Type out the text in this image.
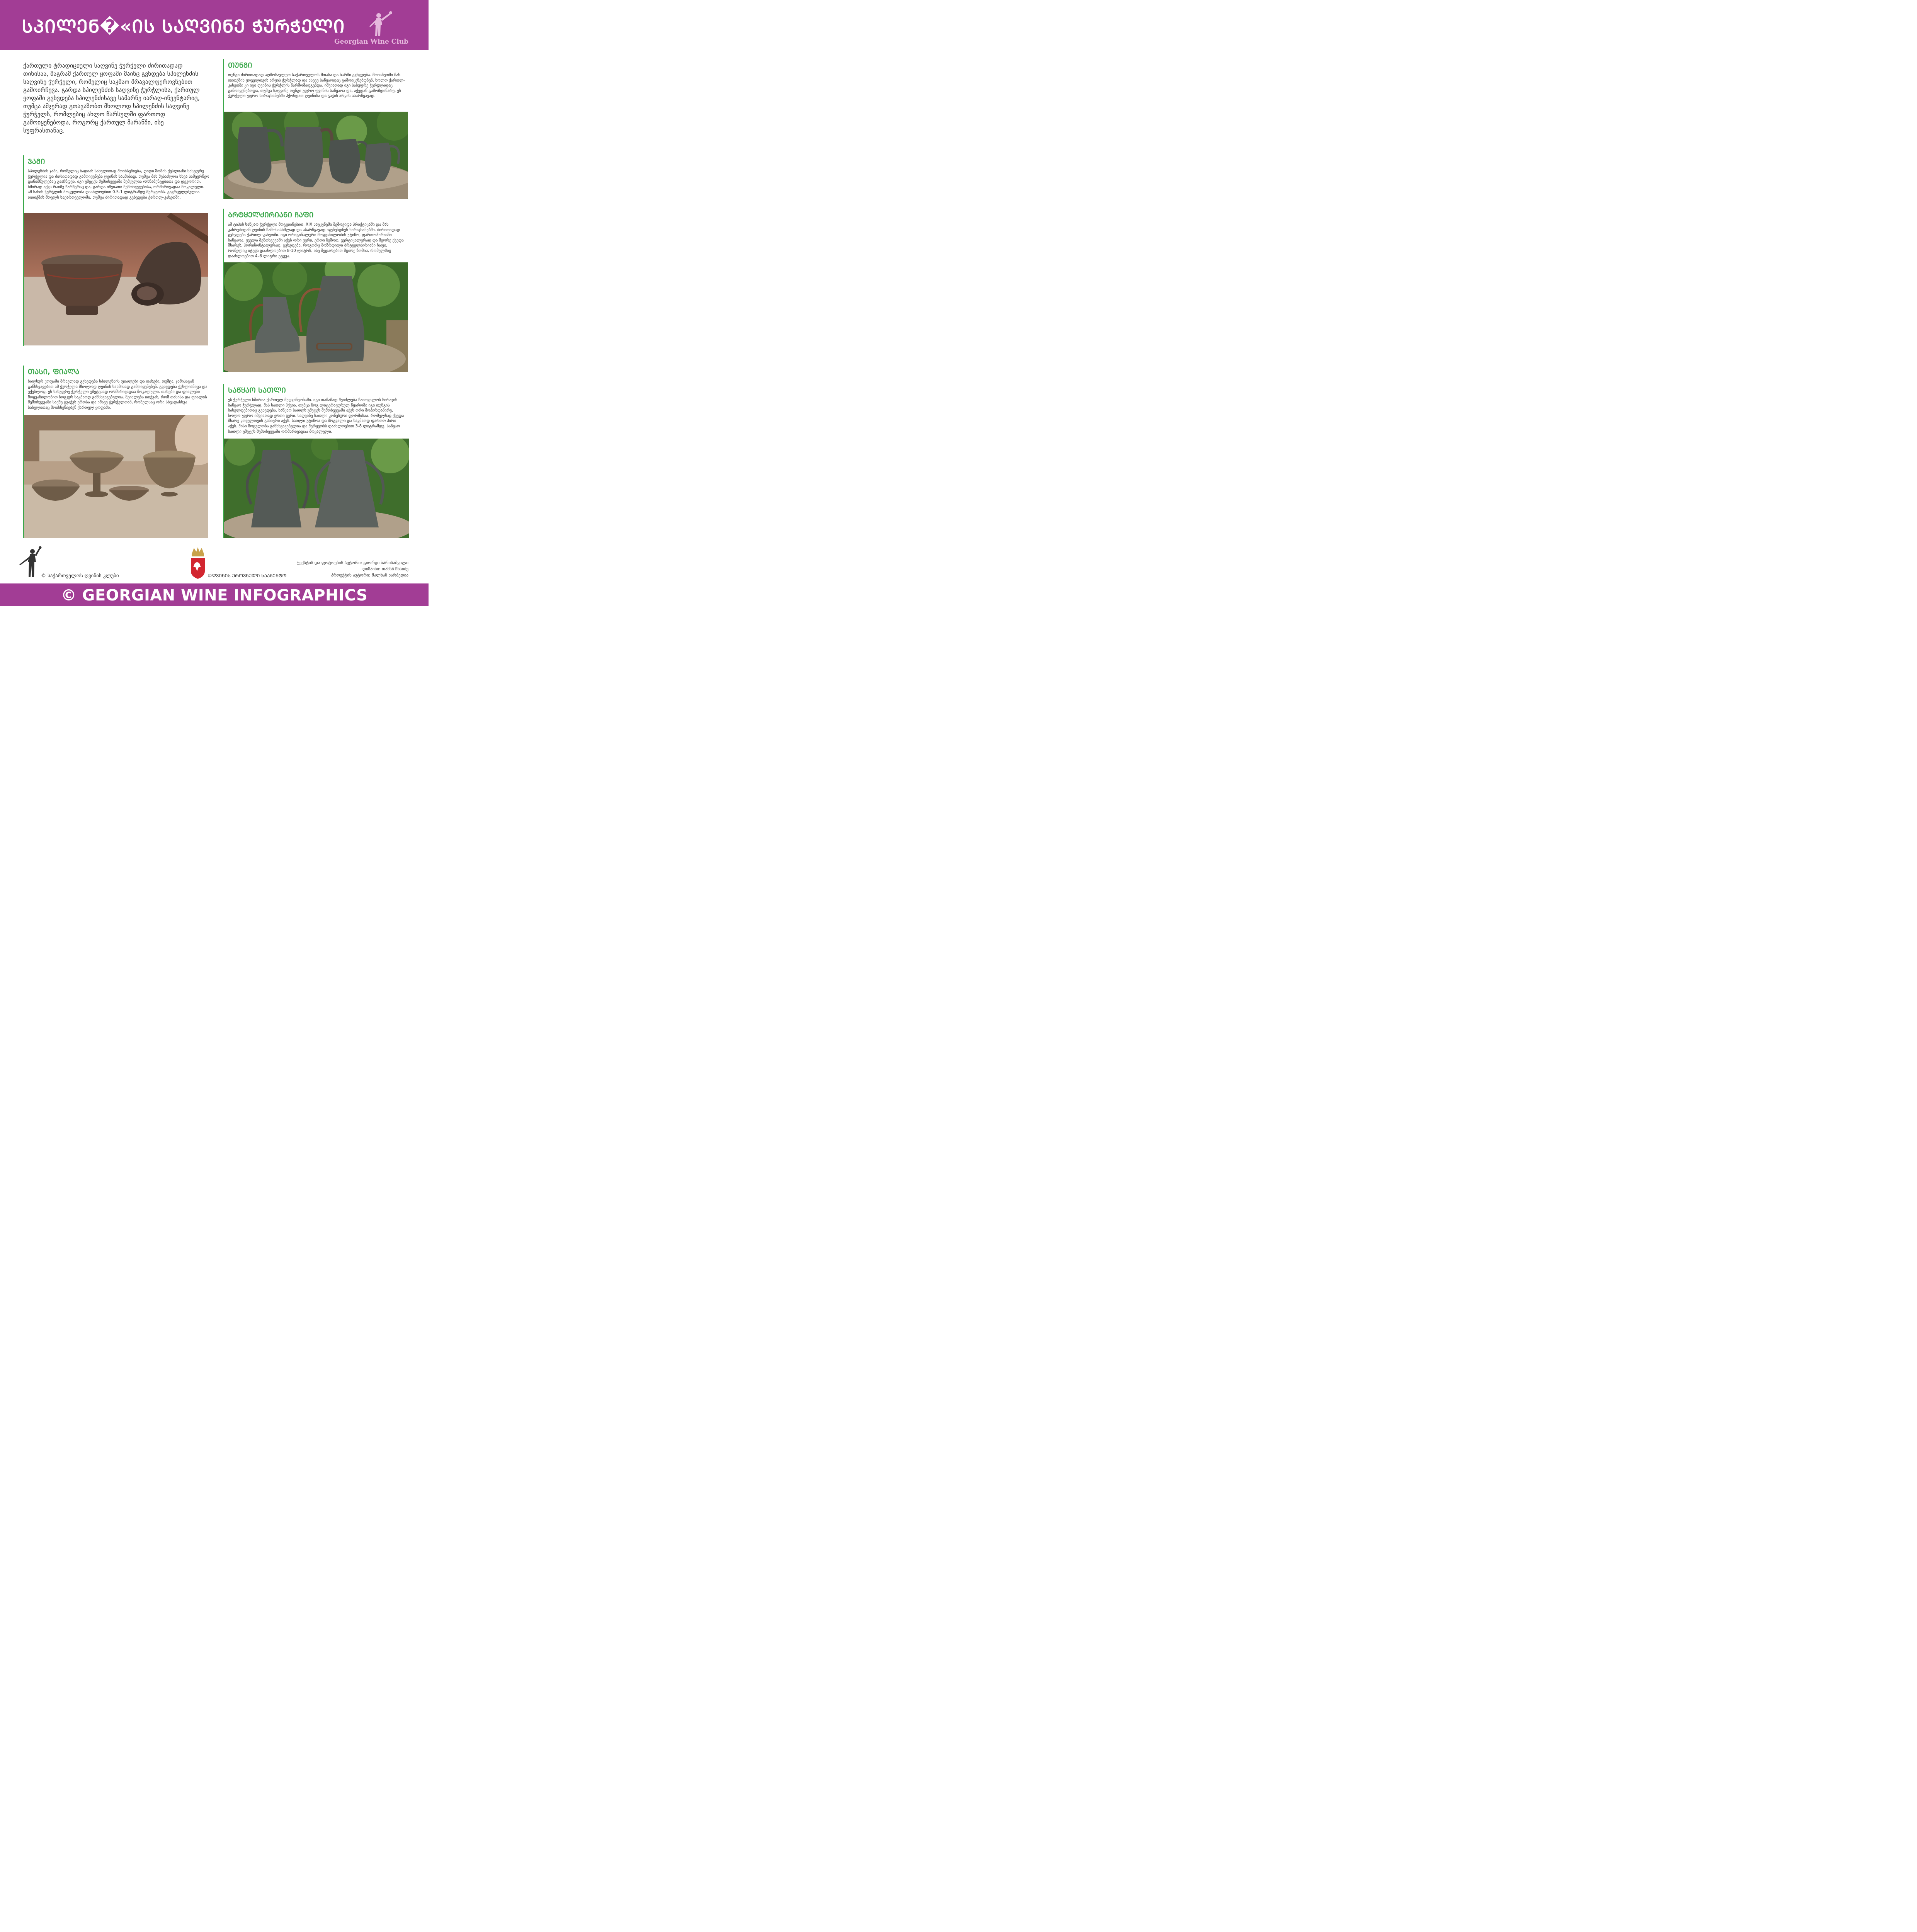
ᲡᲞᲘᲚᲔᲜ�«ᲘᲡ ᲡᲐᲦᲕᲘᲜᲔ ᲭᲣᲠᲭᲔᲚᲘ
Georgian Wine Club
ქართული ტრადიციული საღვინე ჭურჭელი ძირითადად თიხისაა, მაგრამ ქართულ ყოფაში მაინც გვხდება სპილენძის საღვინე ჭურჭელი, რომელიც საკმაო მრავალფეროვნებით გამოირჩევა. გარდა სპილენძის საღვინე ჭურჭლისა, ქართულ ყოფაში გვხვდება სპილენძისავე სამარნე იარაღ-ინვენტარიც, თუმცა ამჯერად გთავაზობთ მხოლოდ სპილენძის საღვინე ჭურჭელს, რომლებიც ახლო წარსულში ფართოდ გამოიყენებოდა, როგორც ქართულ მარანში, ისე სუფრასთანაც.
ᲯᲐᲛᲘ
სპილენძის ჯამი, რომელიც ბადიას სახელითაც მოიხსენიება, დიდი ზომის ქუსლიანი სასუფრე ჭურჭელია და ძირითადად გამოიყენება ღვინის სასმისად, თუმცა მას შესაძლოა სხვა სამეურნეო დანიშნულებაც გააჩნდეს. იგი უმეტეს შემთხვევაში შემკულია ორნამენტებითა და დეკორით. ხშირად აქვს რაიმე წარწერაც და, გარდა იშვიათი შემთხვევებისა, ორმხრივადაა მოკალული. ამ სახის ჭურჭლის მოცულობა დაახლოებით 0.5-1 ლიტრამდე მერყეობს. გავრცელებულია თითქმის მთელს საქართველოში, თუმცა ძირითადად გვხვდება ქართლ-კახეთში.
ᲗᲣᲜᲒᲘ
თუნგი ძირითადად აღმოსავლეთ საქართველოს მთასა და ბარში გვხვდება. მთიანეთში მას თითქმის ყოველთვის არყის ჭურჭლად და ასევე საწყაოდაც გამოიყენებდნენ, ხოლო ქართლ-კახეთში კი იგი ღვინის ჭურჭლის წარმომადგენდა. იშვიათად იგი სასუფრე ჭურჭლადაც გამოიყენებოდა, თუმცა საღვინე თუნგი უფრო ღვინის საწყაოა და, აქედან გამომდინარე, ეს ჭურჭელი უფრო სირაჯხანებში ჰქონდათ ღვინისა და ჭაჭის არყის ასარწყავად.
ᲑᲠᲢᲧᲔᲚᲫᲘᲠᲘᲐᲜᲘ ᲩᲐᲤᲘ
ამ ტიპის საწყაო ჭურჭელი მოგვიანებით, XIX საუკუნეში შემოვიდა პრაქტიკაში და მას კახრებიდან ღვინის ჩამოსასხმლად და ასარწყავად იყენებდნენ სირაჯხანებში. ძირითადად გვხვდება ქართლ-კახეთში. იგი ორიგინალური მოყვანილობის უტიჩო, ფართოპირიანი საწყაოა. ყველა შემთხვევაში აქვს ორი ყური, ერთი ზემოთ, ვერტიკალურად და მეორე ქვედა მხარეს, ჰორიზონტალურად. გვხვდება, როგორც მოზრდილი ბრტყელძირიანი ჩაფი, რომელიც იტევს დაახლოებით 8-10 ლიტრს, ისე შედარებით მცირე ზომის, რომელშიც დაახლოებით 4–6 ლიტრი ეტევა.
ᲗᲐᲡᲘ, ᲤᲘᲐᲚᲐ
ხალხურ ყოფაში მრავლად გვხვდება სპილენძის ფიალები და თასები, თუმცა, ჯამისაგან განსხვავებით ამ ჭურჭელს მხოლოდ ღვინის სასმისად გამოიყენებენ. გვხვდება ქუსლიანიცა და უქუსლოც. ეს სასუფრე ჭურჭელი უმეტესად ორმხრივადაა მოკალული. თასები და ფიალები მოყვანილობით ზოგჯერ საკმაოდ განსხვავებულია. შეიძლება ითქვას, რომ თასისა და ფიალის შემთხვევაში საქმე გვაქვს ერთსა და იმავე ჭურჭელთან, რომელსაც ორი სხვადასხვა სახელითაც მოიხსენიებენ ქართულ ყოფაში.
ᲡᲐᲬᲧᲐᲝ ᲡᲐᲗᲚᲘ
ეს ჭურჭელი ხშირია ქართულ მეღვინეობაში. იგი თამამად შეიძლება ჩაითვალოს სირაჯის საწყაო ჭურჭლად. მას სათლი ჰქვია, თუმცა ზოგ ლიტერატურულ წყაროში იგი თუნგის სახელდებითაც გვხვდება. საწყაო სათლს უმეტეს შემთხვევაში აქვს ორი მოპირდაპირე, ხოლო უფრო იშვიათად ერთი ყური. საღვინე სათლი კონუსური ფორმისაა, რომელსაც ქვედა მხარე ყოველთვის განიერი აქვს. სათლი უტიჩოა და მრგვალი და საკმაოდ ფართო პირი აქვს. მისი მოცულობა განსხვავებულია და მერყეობს დაახლოებით 3-8 ლიტრამდე. საწყაო სათლი უმეტეს შემთხვევაში ორმხრივადაა მოკალული.
© საქართველოს ღვინის კლუბი	©ᲦᲕᲘᲜᲘᲡ ᲔᲠᲝᲕᲜᲣᲚᲘ ᲡᲐᲐᲒᲔᲜᲢᲝ
ტექსტის და ფოტოების ავტორი: გიორგი ბარისაშვილი
დიზაინი: თამაზ ჩხაიძე
პროექტის ავტორი: მალხაზ ხარბედია
© GEORGIAN WINE INFOGRAPHICS
